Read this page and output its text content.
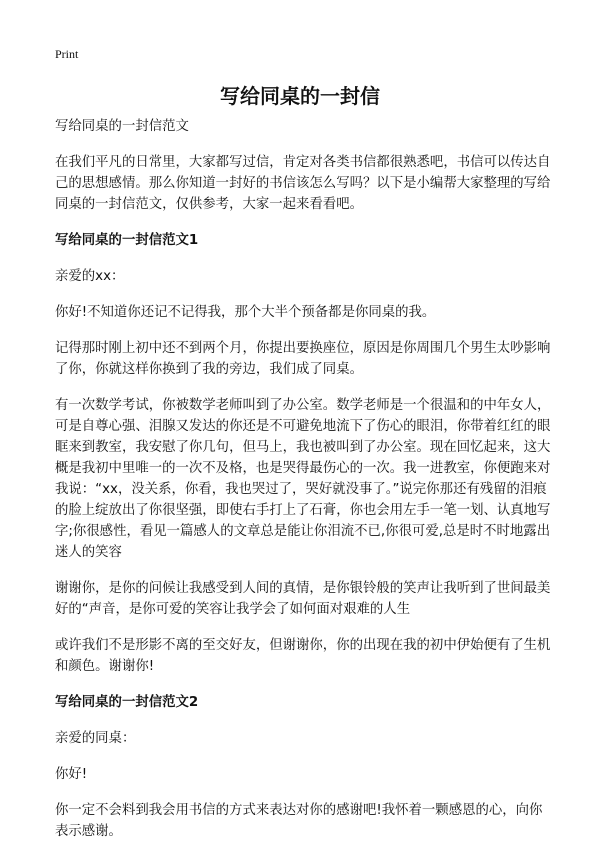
Print
写给同桌的一封信

写给同桌的一封信范文

在我们平凡的日常里，大家都写过信，肯定对各类书信都很熟悉吧，书信可以传达自己的思想感情。那么你知道一封好的书信该怎么写吗？以下是小编帮大家整理的写给同桌的一封信范文，仅供参考，大家一起来看看吧。

写给同桌的一封信范文1

亲爱的xx：

你好!不知道你还记不记得我，那个大半个预备都是你同桌的我。

记得那时刚上初中还不到两个月，你提出要换座位，原因是你周围几个男生太吵影响了你，你就这样你换到了我的旁边，我们成了同桌。

有一次数学考试，你被数学老师叫到了办公室。数学老师是一个很温和的中年女人，可是自尊心强、泪腺又发达的你还是不可避免地流下了伤心的眼泪，你带着红红的眼眶来到教室，我安慰了你几句，但马上，我也被叫到了办公室。现在回忆起来，这大概是我初中里唯一的一次不及格，也是哭得最伤心的一次。我一进教室，你便跑来对我说：“xx，没关系，你看，我也哭过了，哭好就没事了。”说完你那还有残留的泪痕的脸上绽放出了你很坚强，即使右手打上了石膏，你也会用左手一笔一划、认真地写字;你很感性，看见一篇感人的文章总是能让你泪流不已,你很可爱,总是时不时地露出迷人的笑容

谢谢你，是你的问候让我感受到人间的真情，是你银铃般的笑声让我听到了世间最美好的“声音，是你可爱的笑容让我学会了如何面对艰难的人生

或许我们不是形影不离的至交好友，但谢谢你，你的出现在我的初中伊始便有了生机和颜色。谢谢你!

写给同桌的一封信范文2

亲爱的同桌：

你好!

你一定不会料到我会用书信的方式来表达对你的感谢吧!我怀着一颗感恩的心，向你表示感谢。
